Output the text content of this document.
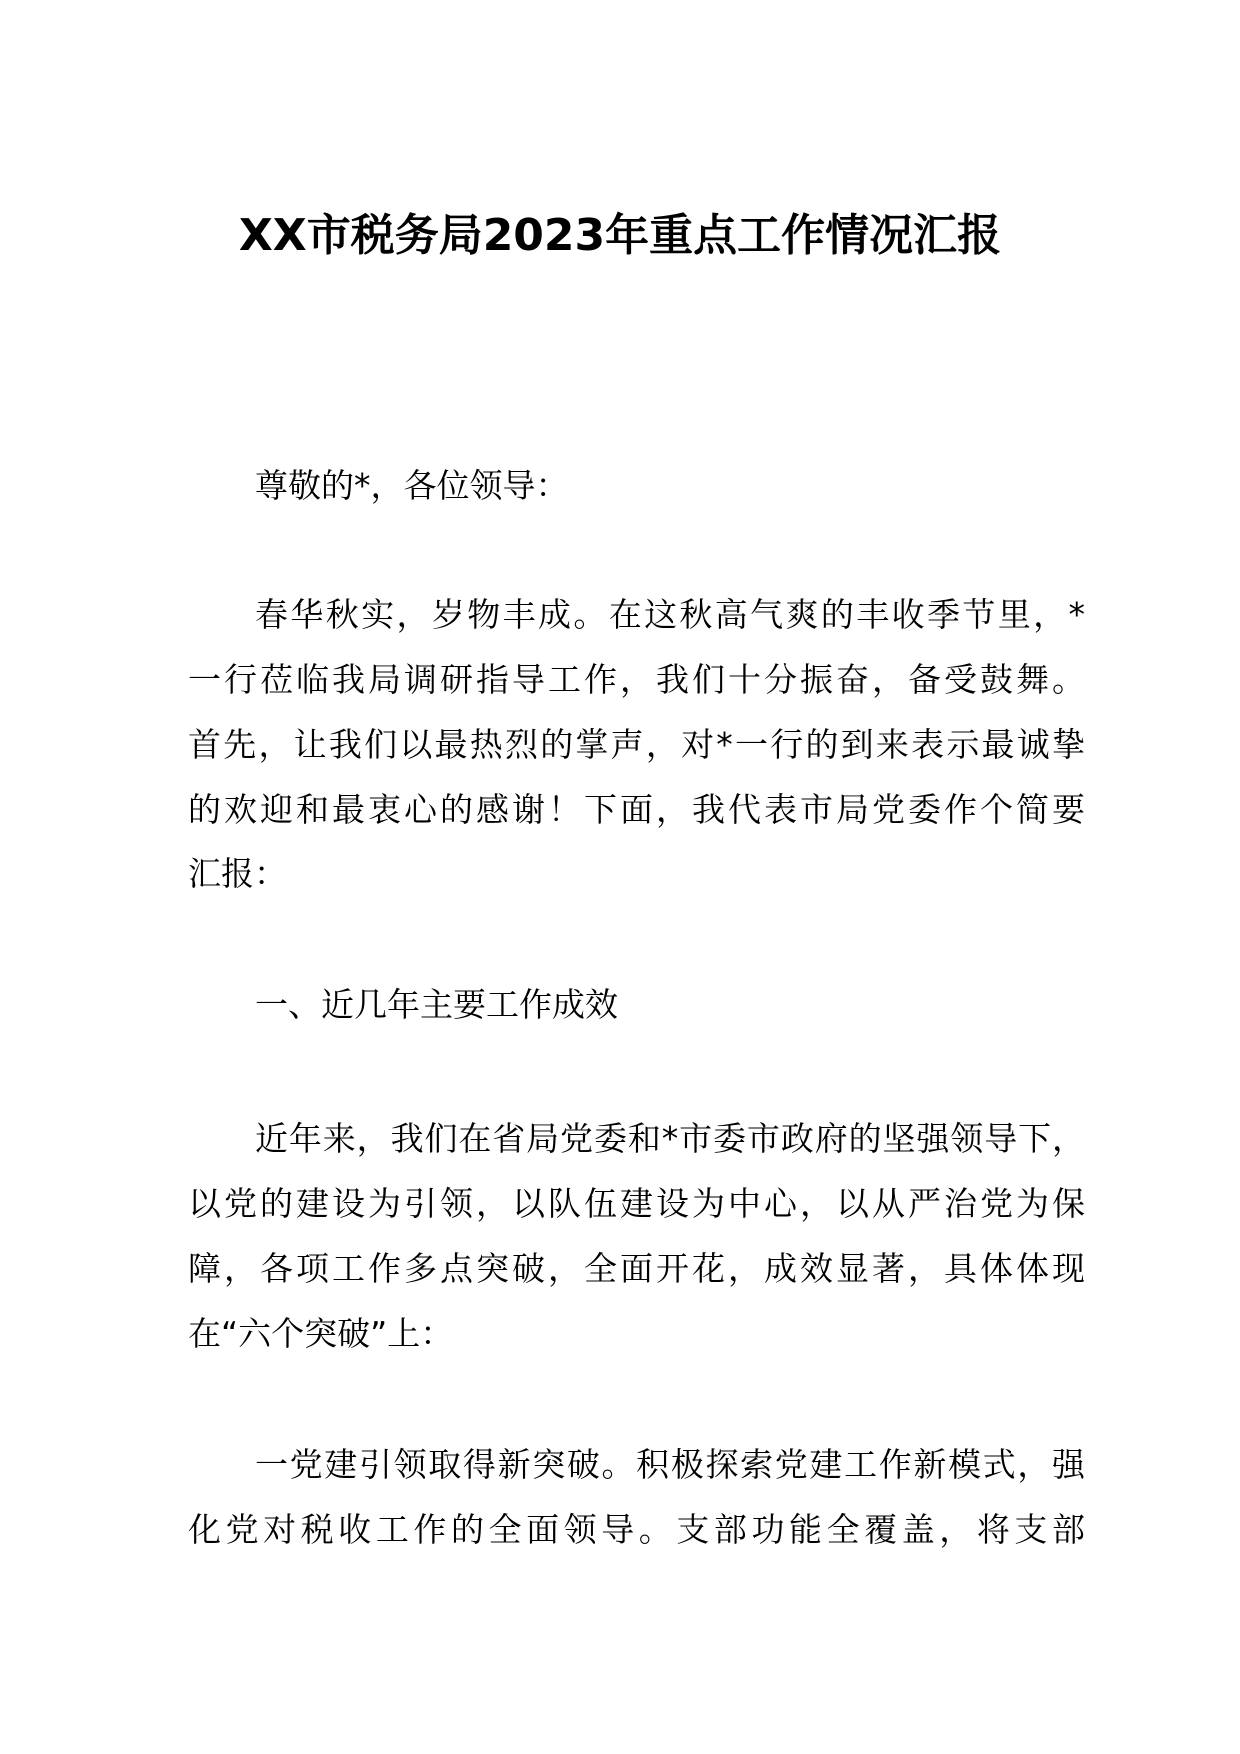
XX市税务局2023年重点工作情况汇报
尊敬的*，各位领导：
春华秋实，岁物丰成。在这秋高气爽的丰收季节里，*
一行莅临我局调研指导工作，我们十分振奋，备受鼓舞。
首先，让我们以最热烈的掌声，对*一行的到来表示最诚挚
的欢迎和最衷心的感谢！下面，我代表市局党委作个简要
汇报：
一、近几年主要工作成效
近年来，我们在省局党委和*市委市政府的坚强领导下，
以党的建设为引领，以队伍建设为中心，以从严治党为保
障，各项工作多点突破，全面开花，成效显著，具体体现
在“六个突破”上：
一党建引领取得新突破。积极探索党建工作新模式，强
化党对税收工作的全面领导。支部功能全覆盖，将支部
